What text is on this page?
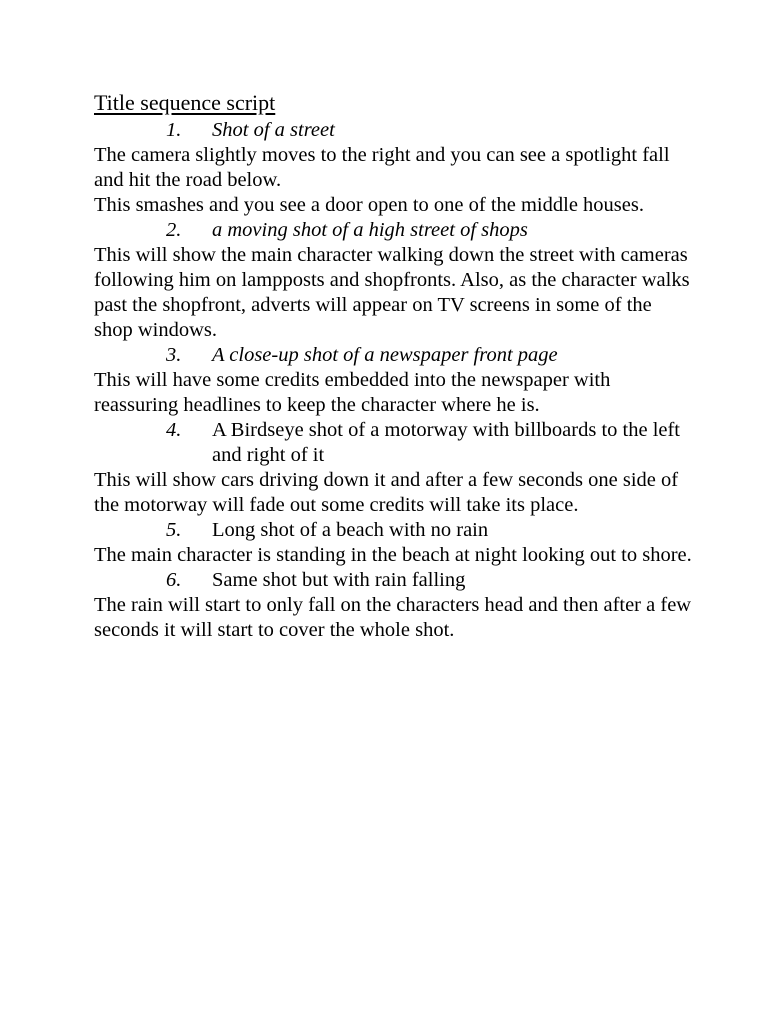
Title sequence script
1. Shot of a street

The camera slightly moves to the right and you can see a spotlight fall and hit the road below.

This smashes and you see a door open to one of the middle houses.

2. a moving shot of a high street of shops

This will show the main character walking down the street with cameras following him on lampposts and shopfronts. Also, as the character walks past the shopfront, adverts will appear on TV screens in some of the shop windows.

3. A close-up shot of a newspaper front page

This will have some credits embedded into the newspaper with reassuring headlines to keep the character where he is.

4. A Birdseye shot of a motorway with billboards to the left and right of it

This will show cars driving down it and after a few seconds one side of the motorway will fade out some credits will take its place.

5. Long shot of a beach with no rain

The main character is standing in the beach at night looking out to shore.

6. Same shot but with rain falling

The rain will start to only fall on the characters head and then after a few seconds it will start to cover the whole shot.
